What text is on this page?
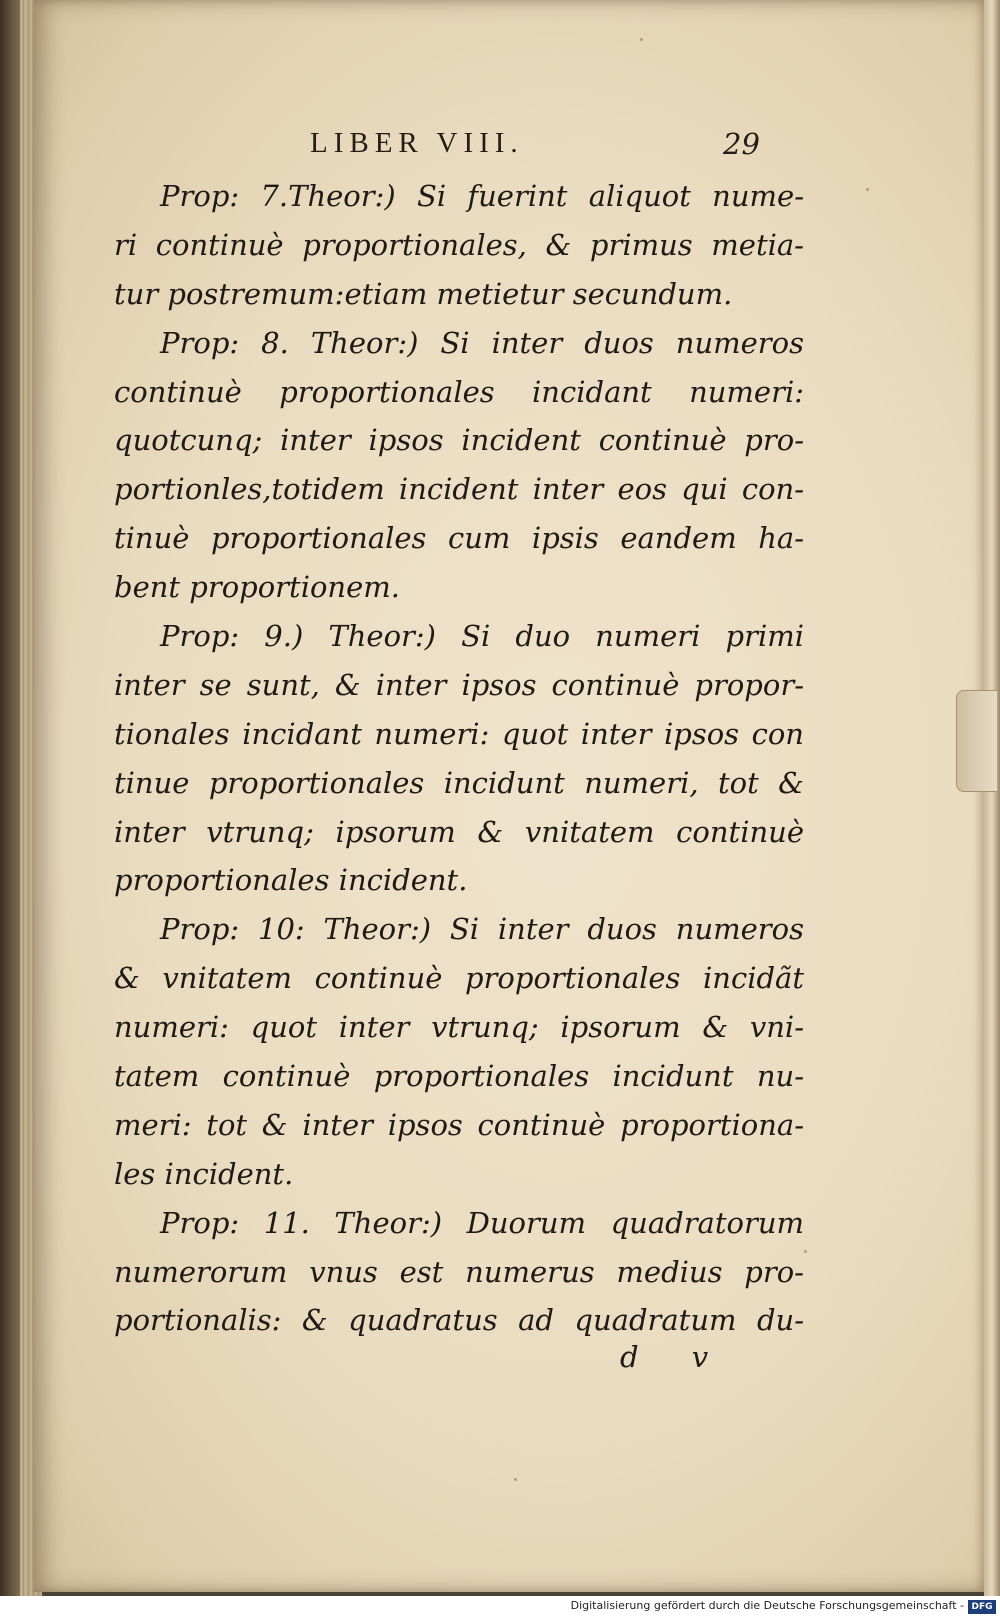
LIBER VIII.	29
Prop: 7.Theor:) Si fuerint aliquot nume-
ri continuè proportionales, & primus metia-
tur postremum:etiam metietur secundum.
Prop: 8. Theor:) Si inter duos numeros
continuè proportionales incidant numeri:
quotcunq; inter ipsos incident continuè pro-
portionles,totidem incident inter eos qui con-
tinuè proportionales cum ipsis eandem ha-
bent proportionem.
Prop: 9.) Theor:) Si duo numeri primi
inter se sunt, & inter ipsos continuè propor-
tionales incidant numeri: quot inter ipsos con
tinue proportionales incidunt numeri, tot &
inter vtrunq; ipsorum & vnitatem continuè
proportionales incident.
Prop: 10: Theor:) Si inter duos numeros
& vnitatem continuè proportionales incidãt
numeri: quot inter vtrunq; ipsorum & vni-
tatem continuè proportionales incidunt nu-
meri: tot & inter ipsos continuè proportiona-
les incident.
Prop: 11. Theor:) Duorum quadratorum
numerorum vnus est numerus medius pro-
portionalis: & quadratus ad quadratum du-
d v
Digitalisierung gefördert durch die Deutsche Forschungsgemeinschaft - DFG
